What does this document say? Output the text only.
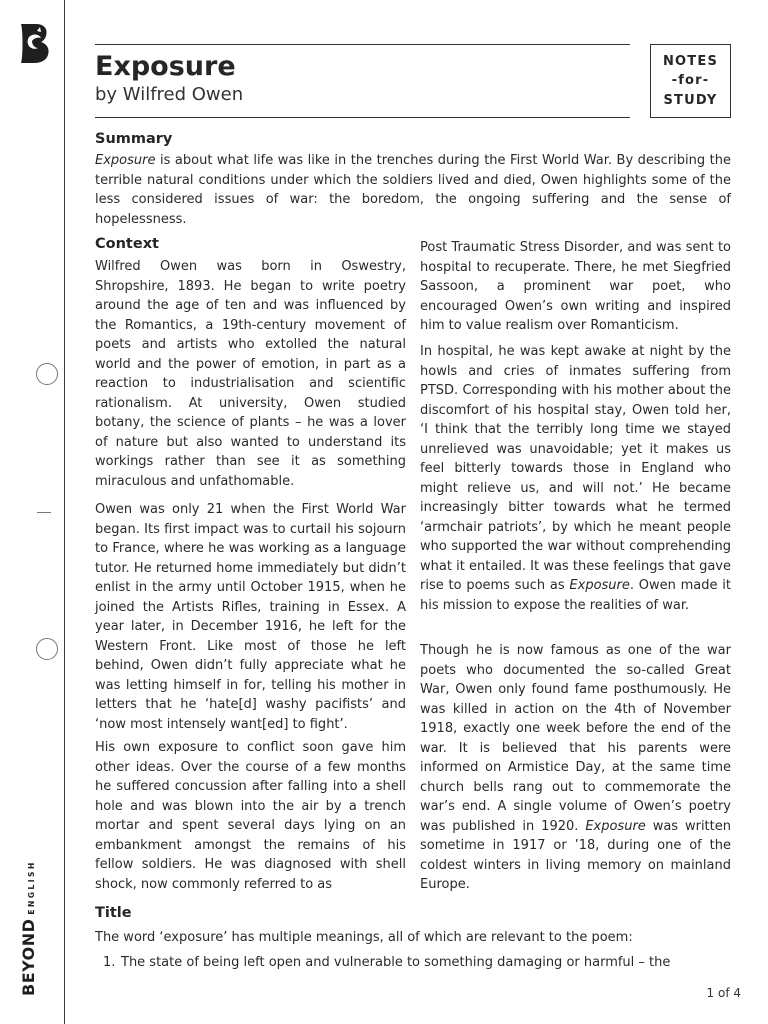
BEYOND
ENGLISH
Exposure
by Wilfred Owen
NOTES
-for-
STUDY
Summary
Exposure is about what life was like in the trenches during the First World War. By describing the terrible natural conditions under which the soldiers lived and died, Owen highlights some of the less considered issues of war: the boredom, the ongoing suffering and the sense of hopelessness.
Context
Wilfred Owen was born in Oswestry, Shropshire, 1893. He began to write poetry around the age of ten and was influenced by the Romantics, a 19th-century movement of poets and artists who extolled the natural world and the power of emotion, in part as a reaction to industrialisation and scientific rationalism. At university, Owen studied botany, the science of plants – he was a lover of nature but also wanted to understand its workings rather than see it as something miraculous and unfathomable.
Owen was only 21 when the First World War began. Its first impact was to curtail his sojourn to France, where he was working as a language tutor. He returned home immediately but didn’t enlist in the army until October 1915, when he joined the Artists Rifles, training in Essex. A year later, in December 1916, he left for the Western Front. Like most of those he left behind, Owen didn’t fully appreciate what he was letting himself in for, telling his mother in letters that he ‘hate[d] washy pacifists’ and ‘now most intensely want[ed] to fight’.
His own exposure to conflict soon gave him other ideas. Over the course of a few months he suffered concussion after falling into a shell hole and was blown into the air by a trench mortar and spent several days lying on an embankment amongst the remains of his fellow soldiers. He was diagnosed with shell shock, now commonly referred to as
Post Traumatic Stress Disorder, and was sent to hospital to recuperate. There, he met Siegfried Sassoon, a prominent war poet, who encouraged Owen’s own writing and inspired him to value realism over Romanticism.
In hospital, he was kept awake at night by the howls and cries of inmates suffering from PTSD. Corresponding with his mother about the discomfort of his hospital stay, Owen told her, ‘I think that the terribly long time we stayed unrelieved was unavoidable; yet it makes us feel bitterly towards those in England who might relieve us, and will not.’ He became increasingly bitter towards what he termed ‘armchair patriots’, by which he meant people who supported the war without comprehending what it entailed. It was these feelings that gave rise to poems such as Exposure. Owen made it his mission to expose the realities of war.
Though he is now famous as one of the war poets who documented the so-called Great War, Owen only found fame posthumously. He was killed in action on the 4th of November 1918, exactly one week before the end of the war. It is believed that his parents were informed on Armistice Day, at the same time church bells rang out to commemorate the war’s end. A single volume of Owen’s poetry was published in 1920. Exposure was written sometime in 1917 or ’18, during one of the coldest winters in living memory on mainland Europe.
Title
The word ‘exposure’ has multiple meanings, all of which are relevant to the poem:
1. The state of being left open and vulnerable to something damaging or harmful – the
1 of 4
